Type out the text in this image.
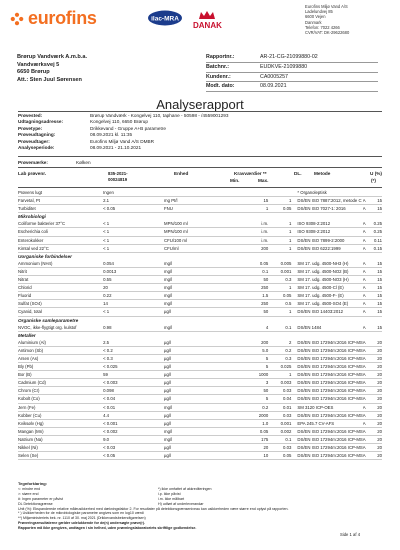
eurofins	ilac-MRA
DANAK
Eurofins Miljø Vand A/S
Ladelundvej 85
6600 Vejen
Danmark
Telefon: 7022 4266
CVR/VAT: DK-29622680
Brørup Vandværk A.m.b.a.
Vandværksvej 5
6650 Brørup
Att.: Sten Juul Sørensen
Rapportnr.:	AR-21-CG-21099880-02
Batchnr.:	EUDKVE-21099880
Kundenr.:	CA0005257
Modt. dato:	08.09.2021
Analyserapport
Prøvested:	Brørup Vandværk - Kongelvej 110, taphane - 50598 - /4559001293
Udtagningsadresse:	Kongelvej 110, 6650 Brørup
Prøvetype:	Drikkevand - Gruppe A+B parametre
Prøveudtagning:	08.09.2021 kl. 11:35
Prøveudtager:	Eurofins Miljø Vand A/S DMBR
Analyseperiode:	08.09.2021 - 21.10.2021
Prøvemærke:	Kølken
Lab prøvenr.	835-2021-
00024819
Enhed	Kravværdier **
Min.	Max.
DL.	Metode	U (%)
(*)
Prøvens lugt	Ingen					* Organoleptisk		
Farvetal, Pt	2.1	mg Pt/l		15	1	DS/EN ISO 7887:2012, metode C	A	15
Turbiditet	< 0.05	FNU		1	0.05	DS/EN ISO 7027-1: 2016	A	15
Mikrobiologi								
Coliforme bakterier 37°C	< 1	MPN/100 ml		i.m.	1	ISO 9308-2:2012	A	0.25
Escherichia coli	< 1	MPN/100 ml		i.m.	1	ISO 9308-2:2012	A	0.25
Enterokokker	< 1	CFU/100 ml		i.m.	1	DS/EN ISO 7899-2:2000	A	0.11
Kimtal ved 22°C	< 1	CFU/ml		200	1	DS/EN ISO 6222:1999	A	0.15
Uorganiske forbindelser								
Ammonium (NH4)	0.054	mg/l		0.05	0.005	SM 17. udg. 4500-NH3 (H)	A	15
Nitrit	0.0013	mg/l		0.1	0.001	SM 17. udg. 4500-NO2 (B)	A	15
Nitrat	0.55	mg/l		50	0.3	SM 17. udg. 4500-NO3 (H)	A	15
Chlorid	20	mg/l		250	1	SM 17. udg. 4500-Cl (E)	A	15
Fluorid	0.22	mg/l		1.5	0.05	SM 17. udg. 4500-F- (E)	A	15
Sulfat (SO4)	14	mg/l		250	0.5	SM 17. udg. 4500-SO4 (E)	A	15
Cyanid, total	< 1	µg/l		50	1	DS/EN ISO 14403:2012	A	15
Organiske samleparametre								
NVOC, ikke-flygtigt org. kulstof	0.98	mg/l		4	0.1	DS/EN 1484	A	15
Metaller								
Aluminium (Al)	2.5	µg/l		200	2	DS/EN ISO 17294m:2016 ICP-MS	A	20
Antimon (Sb)	< 0.2	µg/l		5.0	0.2	DS/EN ISO 17294m:2016 ICP-MS	A	20
Arsen (As)	< 0.3	µg/l		5	0.3	DS/EN ISO 17294m:2016 ICP-MS	A	20
Bly (Pb)	< 0.025	µg/l		5	0.025	DS/EN ISO 17294m:2016 ICP-MS	A	20
Bor (B)	59	µg/l		1000	1	DS/EN ISO 17294m:2016 ICP-MS	A	20
Cadmium (Cd)	< 0.003	µg/l		3	0.003	DS/EN ISO 17294m:2016 ICP-MS	A	20
Chrom (Cr)	0.098	µg/l		50	0.03	DS/EN ISO 17294m:2016 ICP-MS	A	20
Kobolt (Co)	< 0.04	µg/l		5	0.04	DS/EN ISO 17294m:2016 ICP-MS	A	20
Jern (Fe)	< 0.01	mg/l		0.2	0.01	SM 3120 ICP-OES	A	20
Kobber (Cu)	4.4	µg/l		2000	0.03	DS/EN ISO 17294m:2016 ICP-MS	A	20
Kviksølv (Hg)	< 0.001	µg/l		1.0	0.001	EPA 245.7 CV-AFS	A	20
Mangan (Mn)	< 0.002	mg/l		0.05	0.002	DS/EN ISO 17294m:2016 ICP-MS	A	20
Natrium (Na)	9.0	mg/l		175	0.1	DS/EN ISO 17294m:2016 ICP-MS	A	20
Nikkel (Ni)	< 0.03	µg/l		20	0.03	DS/EN ISO 17294m:2016 ICP-MS	A	20
Selen (Se)	< 0.05	µg/l		10	0.05	DS/EN ISO 17294m:2016 ICP-MS	A	20
Tegnforklaring:
<: mindre end	*) ikke omfattet af akkrediteringen
>: større end	i.p. ikke påvist
#: Ingen parameter er påvist	i.m. ikke målbart
DL Detektionsgrænse	H) udført af underleverandør
Unit (%): Ekspanderede relative måleusikkerhed med dækningsfaktor 2. For resultater på detektionsgrænseniveau kan usikkerheden være større end oplyst på rapporten.
* ) Usikkerheden for de mikrobiologiske parametre angives som en log10 værdi
**) Miljøministeriets bek. nr. 1110 af 30. maj 2021 (Drikkevandsbekendtgørelsen)
Prøveringsresultaterne gælder udelukkende for de(n) undersøgte prøve(r).
Rapporten må ikke gengives, undtagen i sin helhed, uden prøvningslaboratoriets skriftlige godkendelse.
Side 1 af 4
